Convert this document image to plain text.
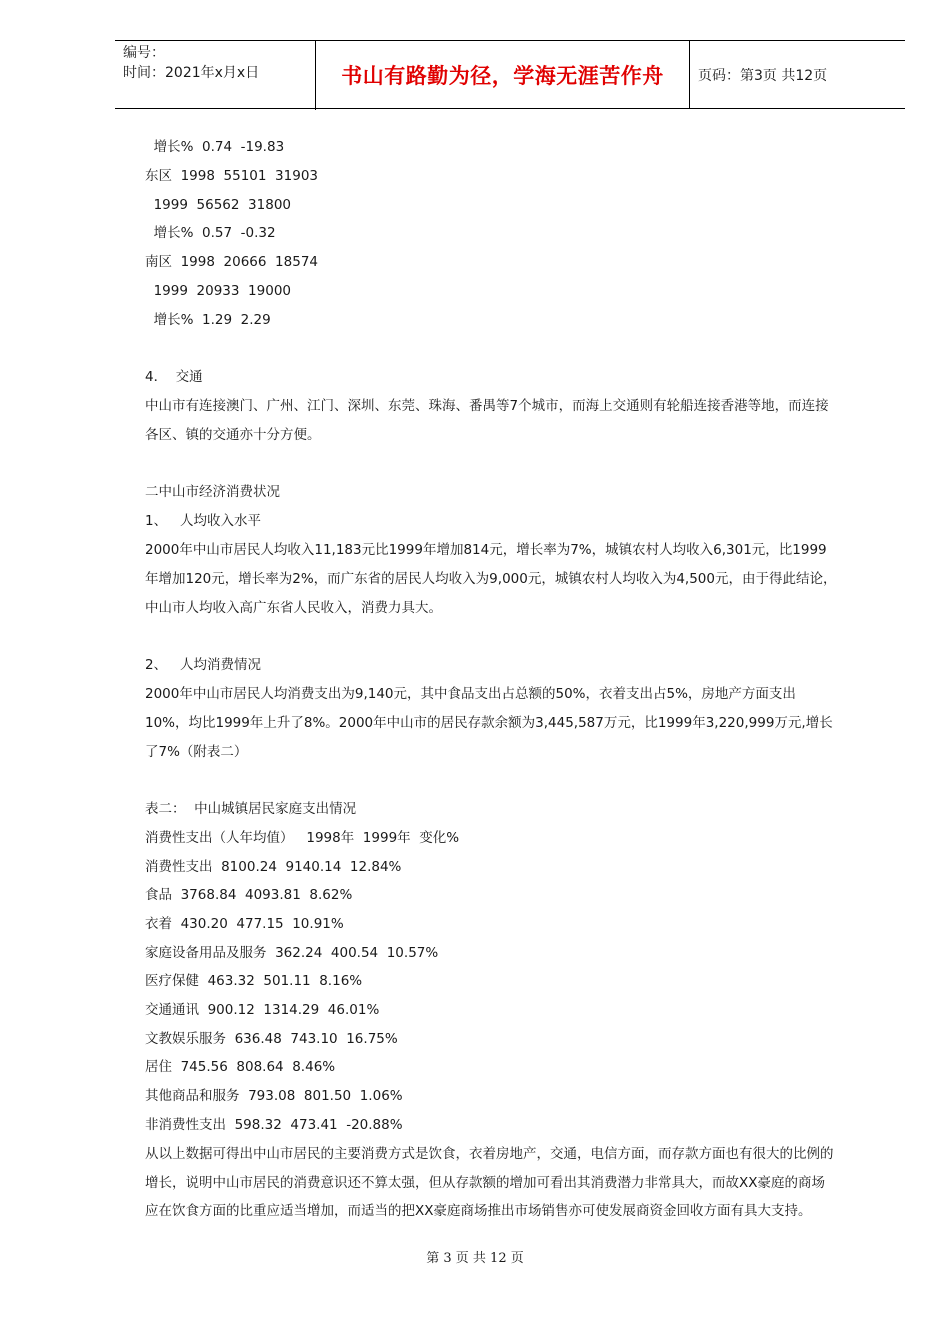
编号：
时间：2021年x月x日	书山有路勤为径，学海无涯苦作舟 页码：第3页 共12页
增长%  0.74  -19.83
东区  1998  55101  31903
1999  56562  31800
增长%  0.57  -0.32
南区  1998  20666  18574
1999  20933  19000
增长%  1.29  2.29
4．  交通
中山市有连接澳门、广州、江门、深圳、东莞、珠海、番禺等7个城市，而海上交通则有轮船连接香港等地，而连接
各区、镇的交通亦十分方便。
二中山市经济消费状况
1、   人均收入水平
2000年中山市居民人均收入11,183元比1999年增加814元，增长率为7%，城镇农村人均收入6,301元，比1999
年增加120元，增长率为2%，而广东省的居民人均收入为9,000元，城镇农村人均收入为4,500元，由于得此结论，
中山市人均收入高广东省人民收入，消费力具大。
2、   人均消费情况
2000年中山市居民人均消费支出为9,140元，其中食品支出占总额的50%，衣着支出占5%，房地产方面支出
10%，均比1999年上升了8%。2000年中山市的居民存款余额为3,445,587万元，比1999年3,220,999万元,增长
了7%（附表二）
表二：  中山城镇居民家庭支出情况
消费性支出（人年均值）   1998年  1999年  变化%
消费性支出  8100.24  9140.14  12.84%
食品  3768.84  4093.81  8.62%
衣着  430.20  477.15  10.91%
家庭设备用品及服务  362.24  400.54  10.57%
医疗保健  463.32  501.11  8.16%
交通通讯  900.12  1314.29  46.01%
文教娱乐服务  636.48  743.10  16.75%
居住  745.56  808.64  8.46%
其他商品和服务  793.08  801.50  1.06%
非消费性支出  598.32  473.41  -20.88%
从以上数据可得出中山市居民的主要消费方式是饮食，衣着房地产，交通，电信方面，而存款方面也有很大的比例的
增长，说明中山市居民的消费意识还不算太强，但从存款额的增加可看出其消费潜力非常具大，而故XX豪庭的商场
应在饮食方面的比重应适当增加，而适当的把XX豪庭商场推出市场销售亦可使发展商资金回收方面有具大支持。
第 3 页 共 12 页
